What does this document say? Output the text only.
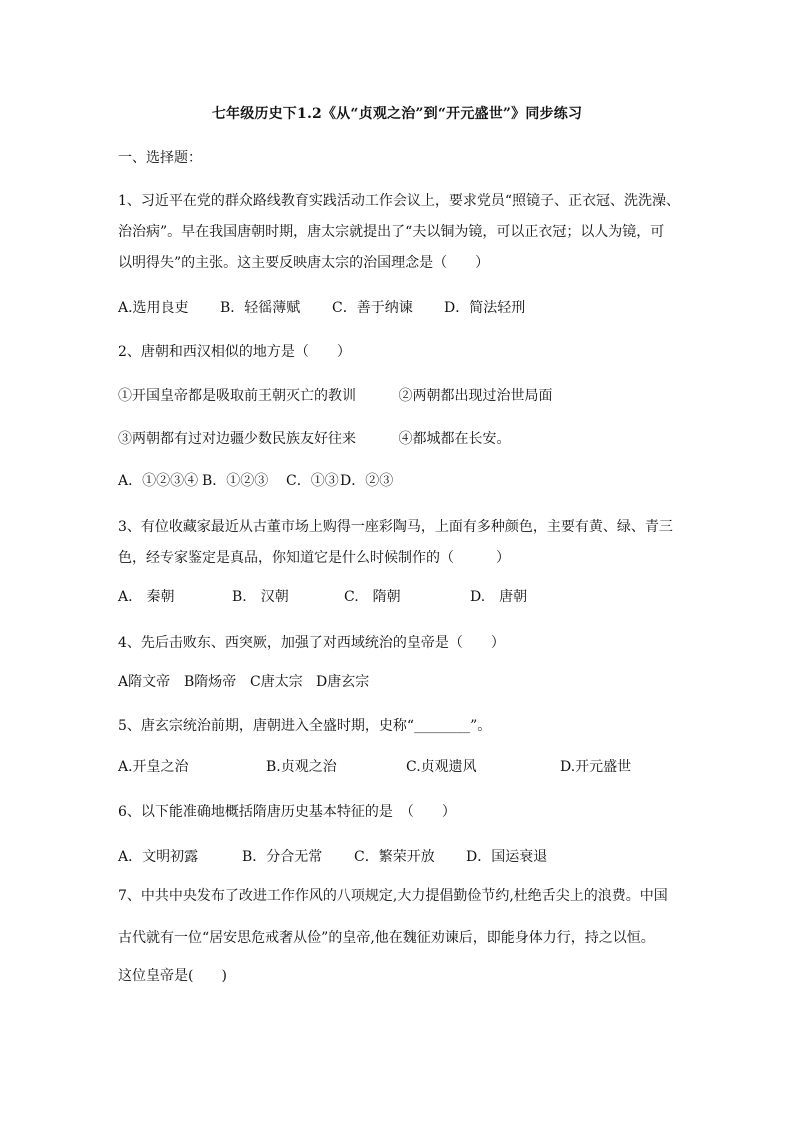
七年级历史下1.2《从“贞观之治”到“开元盛世”》同步练习
一、选择题：
1、习近平在党的群众路线教育实践活动工作会议上，要求党员“照镜子、正衣冠、洗洗澡、
治治病”。早在我国唐朝时期，唐太宗就提出了“夫以铜为镜，可以正衣冠；以人为镜，可
以明得失”的主张。这主要反映唐太宗的治国理念是（　　）
A.选用良吏	B．轻徭薄赋	C．善于纳谏	D．简法轻刑
2、唐朝和西汉相似的地方是（　　）
①开国皇帝都是吸取前王朝灭亡的教训	②两朝都出现过治世局面
③两朝都有过对边疆少数民族友好往来	④都城都在长安。
A．①②③④ B．①②③	C．①③ D．②③
3、有位收藏家最近从古董市场上购得一座彩陶马，上面有多种颜色，主要有黄、绿、青三
色，经专家鉴定是真品，你知道它是什么时候制作的（　　　）
A.　秦朝	B.　汉朝	C.　隋朝	D.　唐朝
4、先后击败东、西突厥，加强了对西域统治的皇帝是（　　）
A隋文帝 B隋炀帝 C唐太宗 D唐玄宗
5、唐玄宗统治前期，唐朝进入全盛时期，史称“________”。
A.开皇之治	B.贞观之治	C.贞观遗风	D.开元盛世
6、以下能准确地概括隋唐历史基本特征的是　（　　）
A．文明初露	B．分合无常	C．繁荣开放	D．国运衰退
7、中共中央发布了改进工作作风的八项规定,大力提倡勤俭节约,杜绝舌尖上的浪费。中国
古代就有一位“居安思危戒奢从俭”的皇帝,他在魏征劝谏后，即能身体力行，持之以恒。
这位皇帝是(　　)
